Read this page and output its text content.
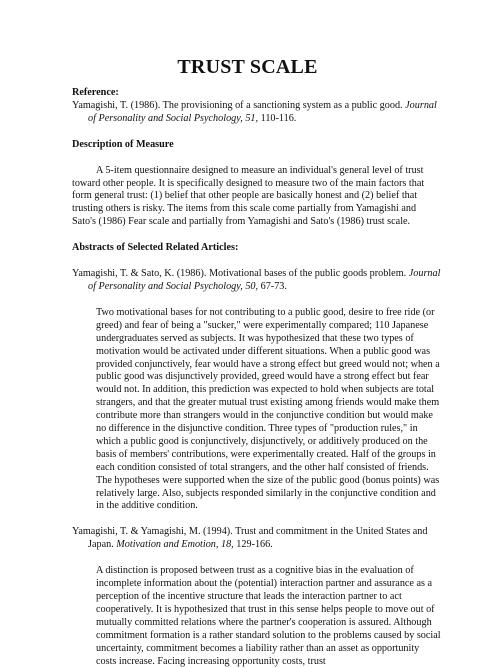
TRUST SCALE

Reference:

Yamagishi, T. (1986). The provisioning of a sanctioning system as a public good. Journal of Personality and Social Psychology, 51, 110-116.

Description of Measure

A 5-item questionnaire designed to measure an individual's general level of trust toward other people. It is specifically designed to measure two of the main factors that form general trust: (1) belief that other people are basically honest and (2) belief that trusting others is risky. The items from this scale come partially from Yamagishi and Sato's (1986) Fear scale and partially from Yamagishi and Sato's (1986) trust scale.

Abstracts of Selected Related Articles:

Yamagishi, T. & Sato, K. (1986). Motivational bases of the public goods problem. Journal of Personality and Social Psychology, 50, 67-73.

Two motivational bases for not contributing to a public good, desire to free ride (or greed) and fear of being a "sucker," were experimentally compared; 110 Japanese undergraduates served as subjects. It was hypothesized that these two types of motivation would be activated under different situations. When a public good was provided conjunctively, fear would have a strong effect but greed would not; when a public good was disjunctively provided, greed would have a strong effect but fear would not. In addition, this prediction was expected to hold when subjects are total strangers, and that the greater mutual trust existing among friends would make them contribute more than strangers would in the conjunctive condition but would make no difference in the disjunctive condition. Three types of "production rules," in which a public good is conjunctively, disjunctively, or additively produced on the basis of members' contributions, were experimentally created. Half of the groups in each condition consisted of total strangers, and the other half consisted of friends. The hypotheses were supported when the size of the public good (bonus points) was relatively large. Also, subjects responded similarly in the conjunctive condition and in the additive condition.

Yamagishi, T. & Yamagishi, M. (1994). Trust and commitment in the United States and Japan. Motivation and Emotion, 18, 129-166.

A distinction is proposed between trust as a cognitive bias in the evaluation of incomplete information about the (potential) interaction partner and assurance as a perception of the incentive structure that leads the interaction partner to act cooperatively. It is hypothesized that trust in this sense helps people to move out of mutually committed relations where the partner's cooperation is assured. Although commitment formation is a rather standard solution to the problems caused by social uncertainty, commitment becomes a liability rather than an asset as opportunity costs increase. Facing increasing opportunity costs, trust
